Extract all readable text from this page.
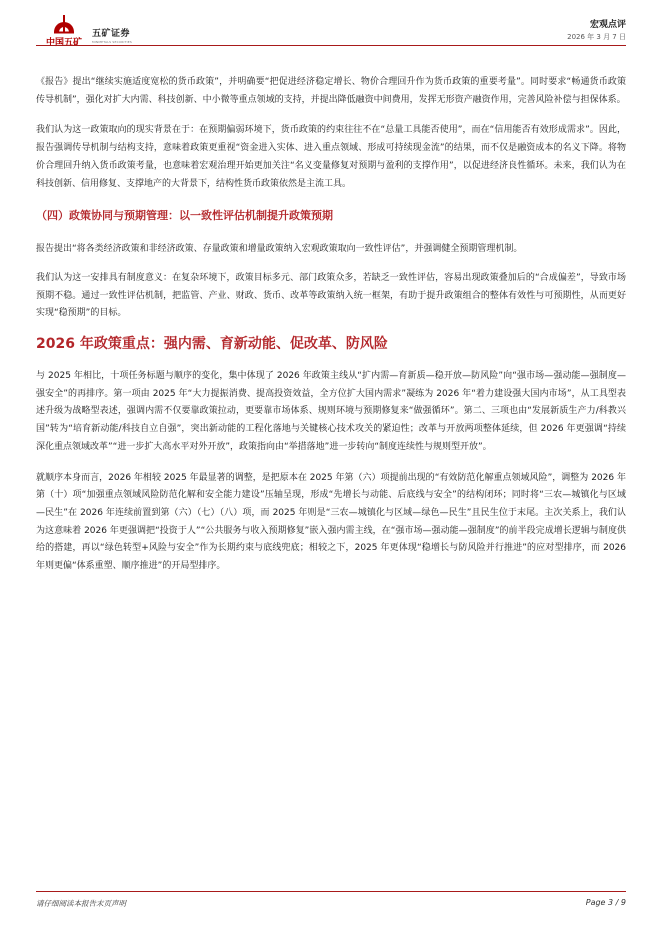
中国五矿
五矿证券
MINMETALS SECURITIES
宏观点评
2026 年 3 月 7 日

《报告》提出“继续实施适度宽松的货币政策”，并明确要“把促进经济稳定增长、物价合理回升作为货币政策的重要考量”。同时要求“畅通货币政策传导机制”，强化对扩大内需、科技创新、中小微等重点领域的支持，并提出降低融资中间费用，发挥无形资产融资作用，完善风险补偿与担保体系。

我们认为这一政策取向的现实背景在于：在预期偏弱环境下，货币政策的约束往往不在“总量工具能否使用”，而在“信用能否有效形成需求”。因此，报告强调传导机制与结构支持，意味着政策更重视“资金进入实体、进入重点领域、形成可持续现金流”的结果，而不仅是融资成本的名义下降。将物价合理回升纳入货币政策考量，也意味着宏观治理开始更加关注“名义变量修复对预期与盈利的支撑作用”，以促进经济良性循环。未来，我们认为在科技创新、信用修复、支撑地产的大背景下，结构性货币政策依然是主流工具。

（四）政策协同与预期管理：以一致性评估机制提升政策预期

报告提出“将各类经济政策和非经济政策、存量政策和增量政策纳入宏观政策取向一致性评估”，并强调健全预期管理机制。

我们认为这一安排具有制度意义：在复杂环境下，政策目标多元、部门政策众多，若缺乏一致性评估，容易出现政策叠加后的“合成偏差”，导致市场预期不稳。通过一致性评估机制，把监管、产业、财政、货币、改革等政策纳入统一框架，有助于提升政策组合的整体有效性与可预期性，从而更好实现“稳预期”的目标。

2026 年政策重点：强内需、育新动能、促改革、防风险

与 2025 年相比，十项任务标题与顺序的变化，集中体现了 2026 年政策主线从“扩内需—育新质—稳开放—防风险”向“强市场—强动能—强制度—强安全”的再排序。第一项由 2025 年“大力提振消费、提高投资效益，全方位扩大国内需求”凝练为 2026 年“着力建设强大国内市场”，从工具型表述升级为战略型表述，强调内需不仅要靠政策拉动，更要靠市场体系、规则环境与预期修复来“做强循环”。第二、三项也由“发展新质生产力/科教兴国”转为“培育新动能/科技自立自强”，突出新动能的工程化落地与关键核心技术攻关的紧迫性；改革与开放两项整体延续，但 2026 年更强调“持续深化重点领域改革”“进一步扩大高水平对外开放”，政策指向由“举措落地”进一步转向“制度连续性与规则型开放”。

就顺序本身而言，2026 年相较 2025 年最显著的调整，是把原本在 2025 年第（六）项提前出现的“有效防范化解重点领域风险”，调整为 2026 年第（十）项“加强重点领域风险防范化解和安全能力建设”压轴呈现，形成“先增长与动能、后底线与安全”的结构闭环；同时将“三农—城镇化与区域—民生”在 2026 年连续前置到第（六）（七）（八）项，而 2025 年则是“三农—城镇化与区域—绿色—民生”且民生位于末尾。主次关系上，我们认为这意味着 2026 年更强调把“投资于人”“公共服务与收入预期修复”嵌入强内需主线，在“强市场—强动能—强制度”的前半段完成增长逻辑与制度供给的搭建，再以“绿色转型+风险与安全”作为长期约束与底线兜底；相较之下，2025 年更体现“稳增长与防风险并行推进”的应对型排序，而 2026 年则更偏“体系重塑、顺序推进”的开局型排序。

请仔细阅读本报告末页声明	Page 3 / 9
